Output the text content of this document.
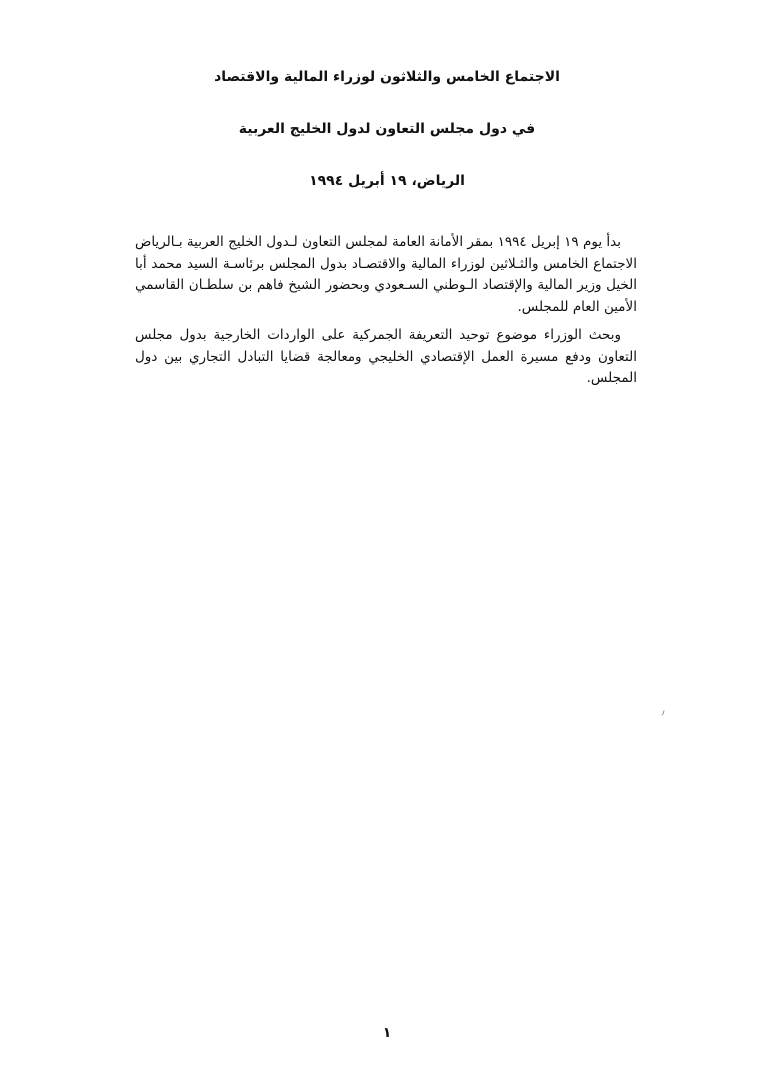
الاجتماع الخامس والثلاثون لوزراء المالية والاقتصاد
في دول مجلس التعاون لدول الخليج العربية
الرياض، ١٩ أبريل ١٩٩٤

بدأ يوم ١٩ إبريل ١٩٩٤ بمقر الأمانة العامة لمجلس التعاون لـدول الخليج العربية بـالرياض الاجتماع الخامس والثـلاثين لوزراء المالية والاقتصـاد بدول المجلس برئاسـة السيد محمد أبا الخيل وزير المالية والإقتصاد الـوطني السـعودي وبحضور الشيخ فاهم بن سلطـان القاسمي الأمين العام للمجلس.

وبحث الوزراء موضوع توحيد التعريفة الجمركية على الواردات الخارجية بدول مجلس التعاون ودفع مسيرة العمل الإقتصادي الخليجي ومعالجة قضايا التبادل التجاري بين دول المجلس.

١
